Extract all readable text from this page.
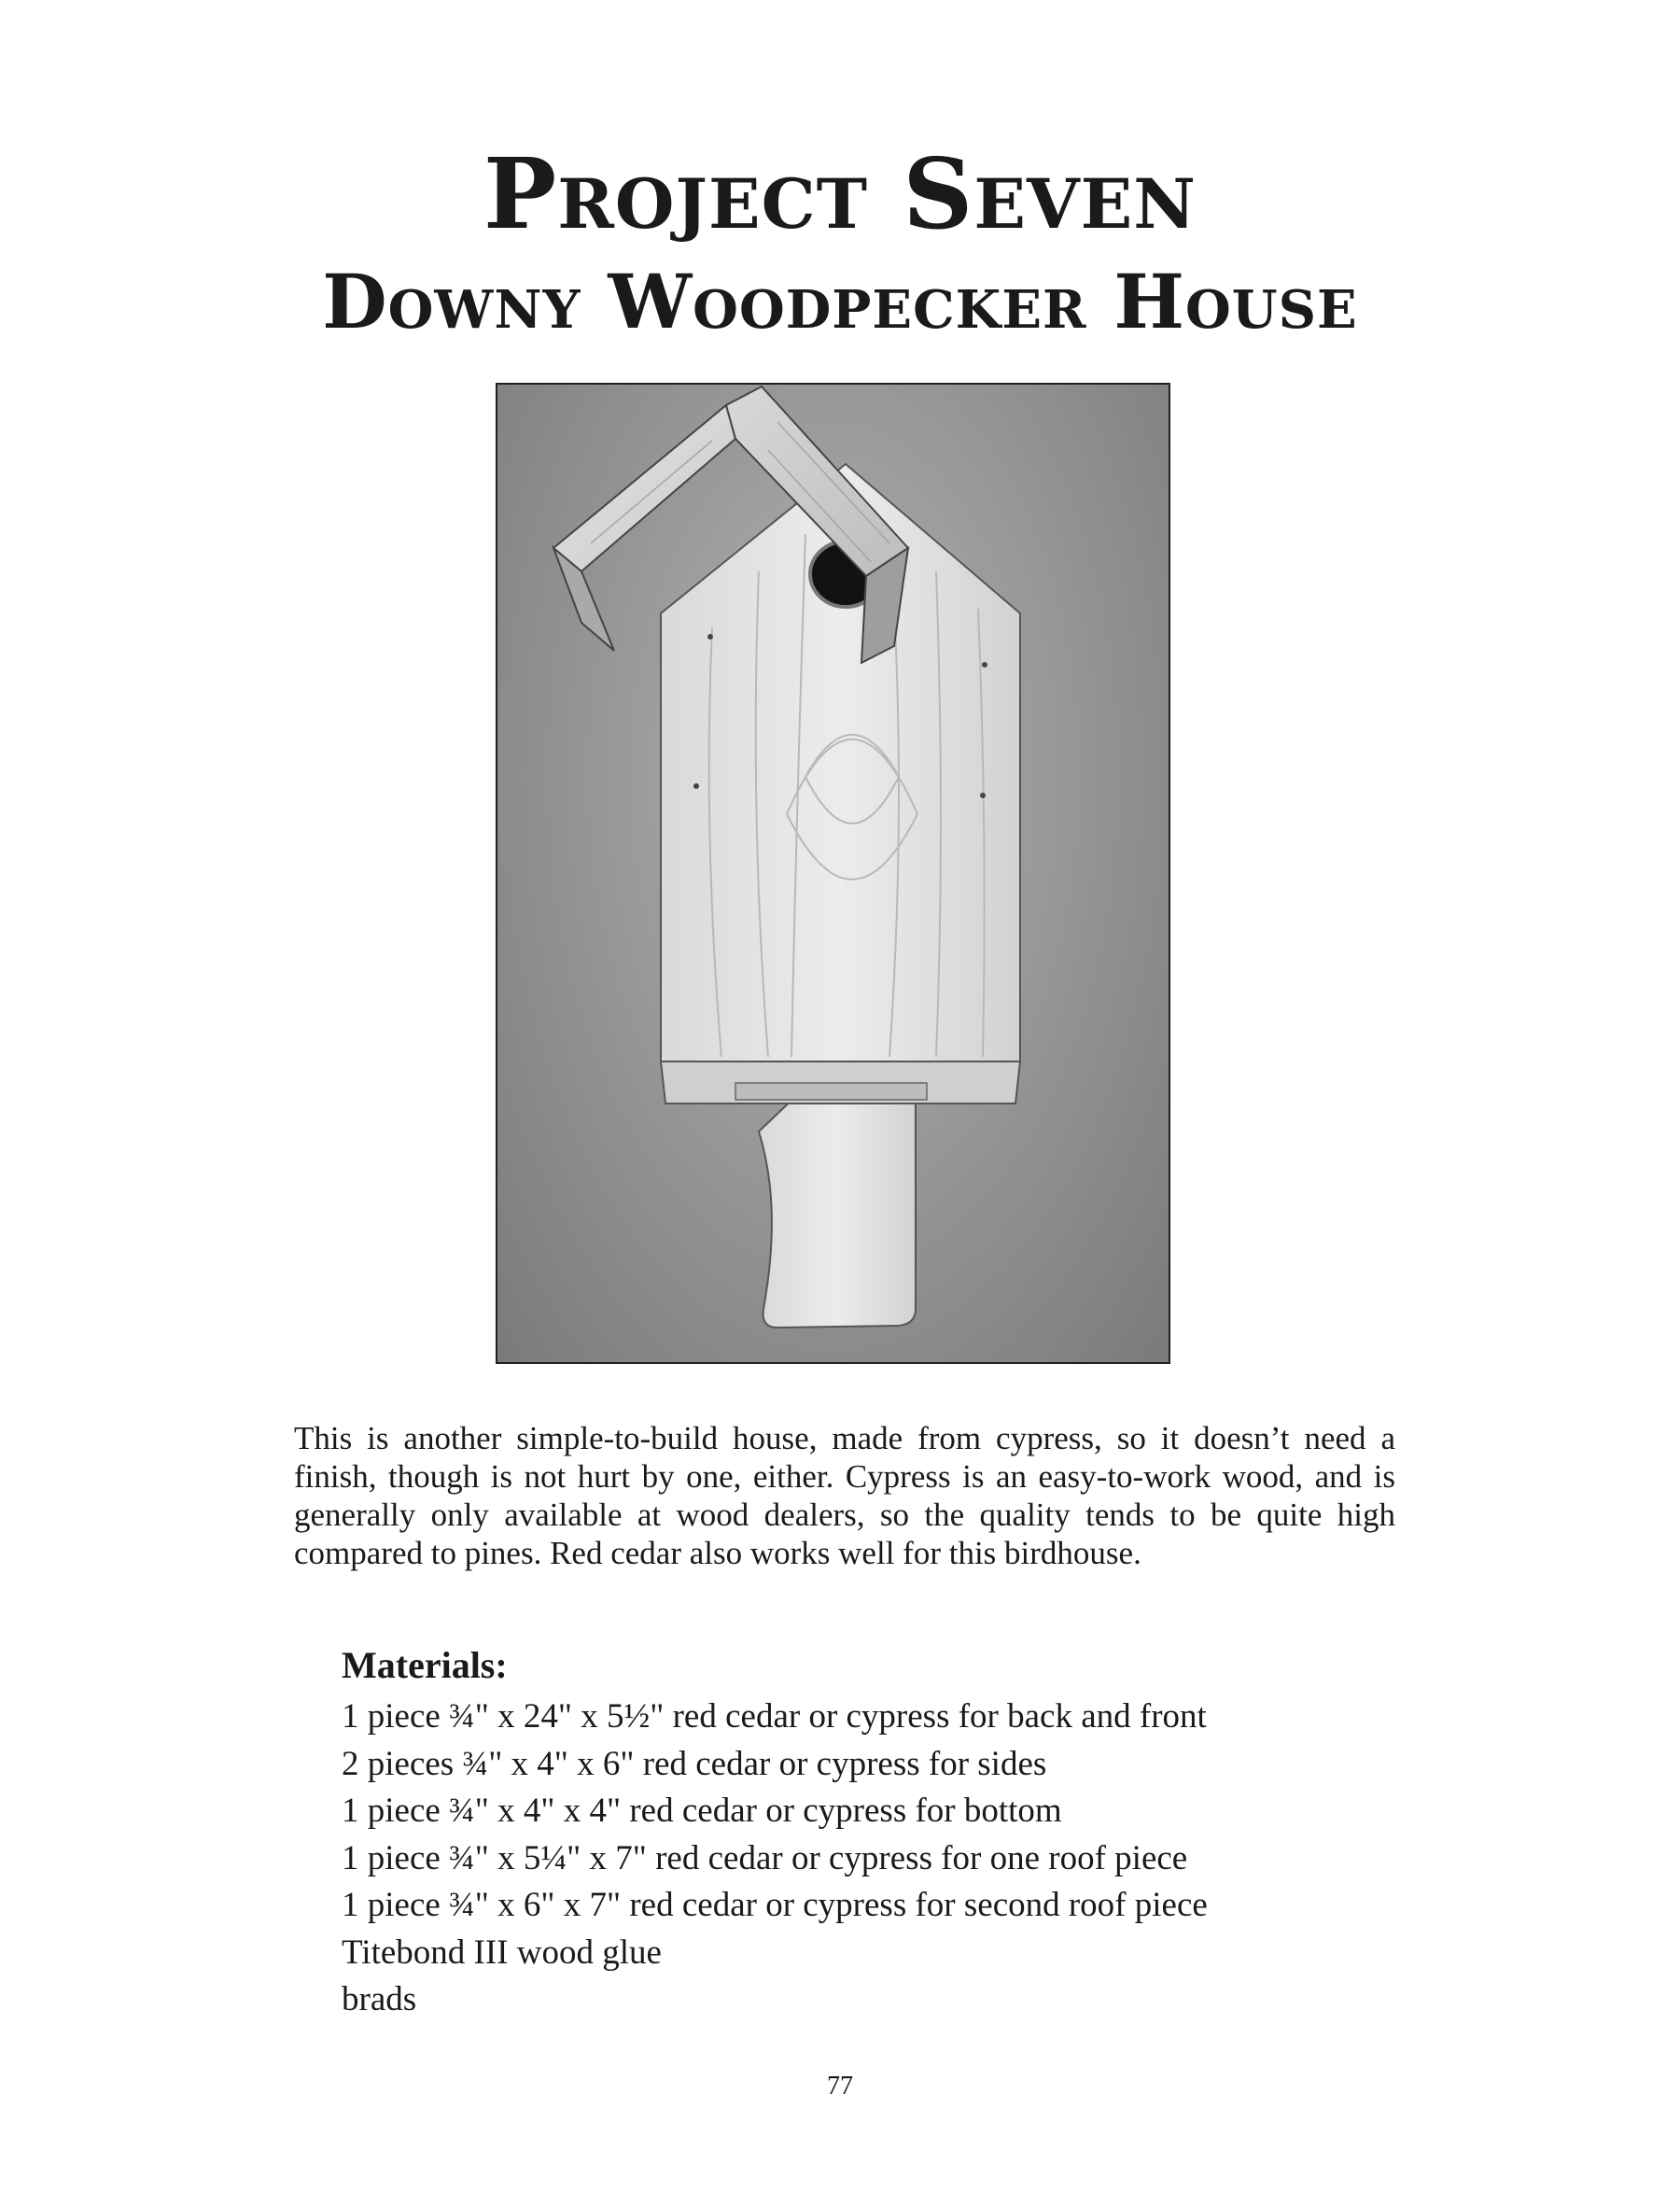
Project Seven
Downy Woodpecker House

This is another simple-to-build house, made from cypress, so it doesn’t need a finish, though is not hurt by one, either. Cypress is an easy-to-work wood, and is generally only available at wood dealers, so the quality tends to be quite high compared to pines. Red cedar also works well for this birdhouse.

Materials:
1 piece ¾" x 24" x 5½" red cedar or cypress for back and front
2 pieces ¾" x 4" x 6" red cedar or cypress for sides
1 piece ¾" x 4" x 4" red cedar or cypress for bottom
1 piece ¾" x 5¼" x 7" red cedar or cypress for one roof piece
1 piece ¾" x 6" x 7" red cedar or cypress for second roof piece
Titebond III wood glue
brads
77
